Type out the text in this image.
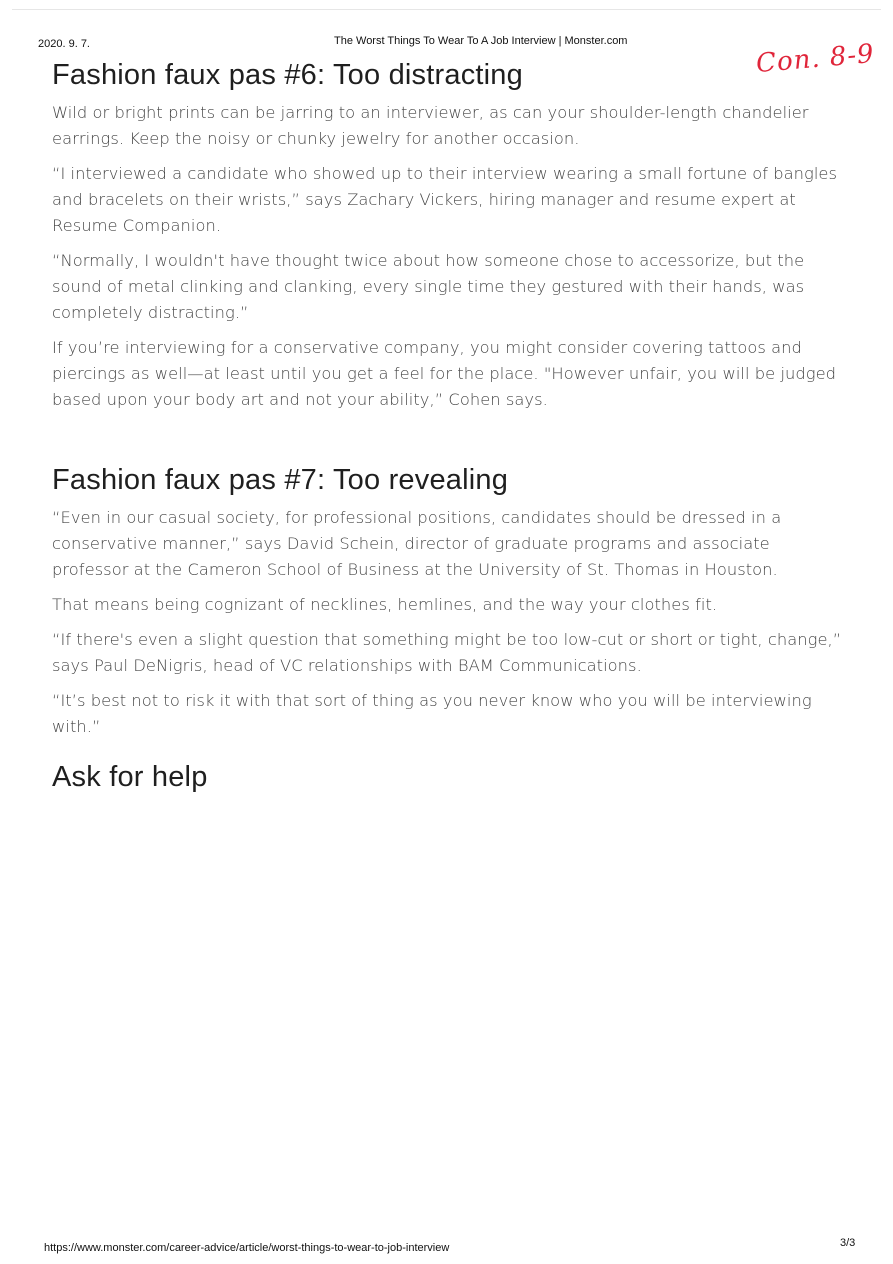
2020. 9. 7.	The Worst Things To Wear To A Job Interview | Monster.com	Con. 8-9
Fashion faux pas #6: Too distracting

Wild or bright prints can be jarring to an interviewer, as can your shoulder-length chandelier earrings. Keep the noisy or chunky jewelry for another occasion.

“I interviewed a candidate who showed up to their interview wearing a small fortune of bangles and bracelets on their wrists,” says Zachary Vickers, hiring manager and resume expert at Resume Companion.

“Normally, I wouldn't have thought twice about how someone chose to accessorize, but the sound of metal clinking and clanking, every single time they gestured with their hands, was completely distracting.”

If you’re interviewing for a conservative company, you might consider covering tattoos and piercings as well—at least until you get a feel for the place. "However unfair, you will be judged based upon your body art and not your ability,” Cohen says.

Fashion faux pas #7: Too revealing

“Even in our casual society, for professional positions, candidates should be dressed in a conservative manner,” says David Schein, director of graduate programs and associate professor at the Cameron School of Business at the University of St. Thomas in Houston.

That means being cognizant of necklines, hemlines, and the way your clothes fit.

“If there's even a slight question that something might be too low-cut or short or tight, change,” says Paul DeNigris, head of VC relationships with BAM Communications.

“It’s best not to risk it with that sort of thing as you never know who you will be interviewing with.”

Ask for help
https://www.monster.com/career-advice/article/worst-things-to-wear-to-job-interview	3/3
